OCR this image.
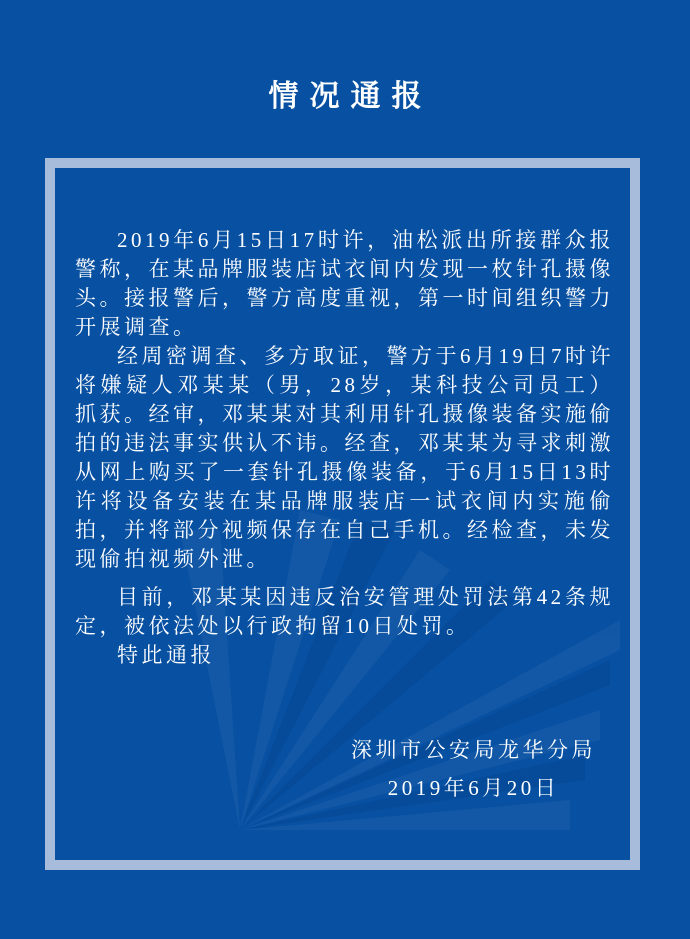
情况通报

2019年6月15日17时许，油松派出所接群众报警称，在某品牌服装店试衣间内发现一枚针孔摄像头。接报警后，警方高度重视，第一时间组织警力开展调查。

经周密调查、多方取证，警方于6月19日7时许将嫌疑人邓某某（男，28岁，某科技公司员工）抓获。经审，邓某某对其利用针孔摄像装备实施偷拍的违法事实供认不讳。经查，邓某某为寻求刺激从网上购买了一套针孔摄像装备，于6月15日13时许将设备安装在某品牌服装店一试衣间内实施偷拍，并将部分视频保存在自己手机。经检查，未发现偷拍视频外泄。

目前，邓某某因违反治安管理处罚法第42条规定，被依法处以行政拘留10日处罚。

特此通报

深圳市公安局龙华分局
2019年6月20日
